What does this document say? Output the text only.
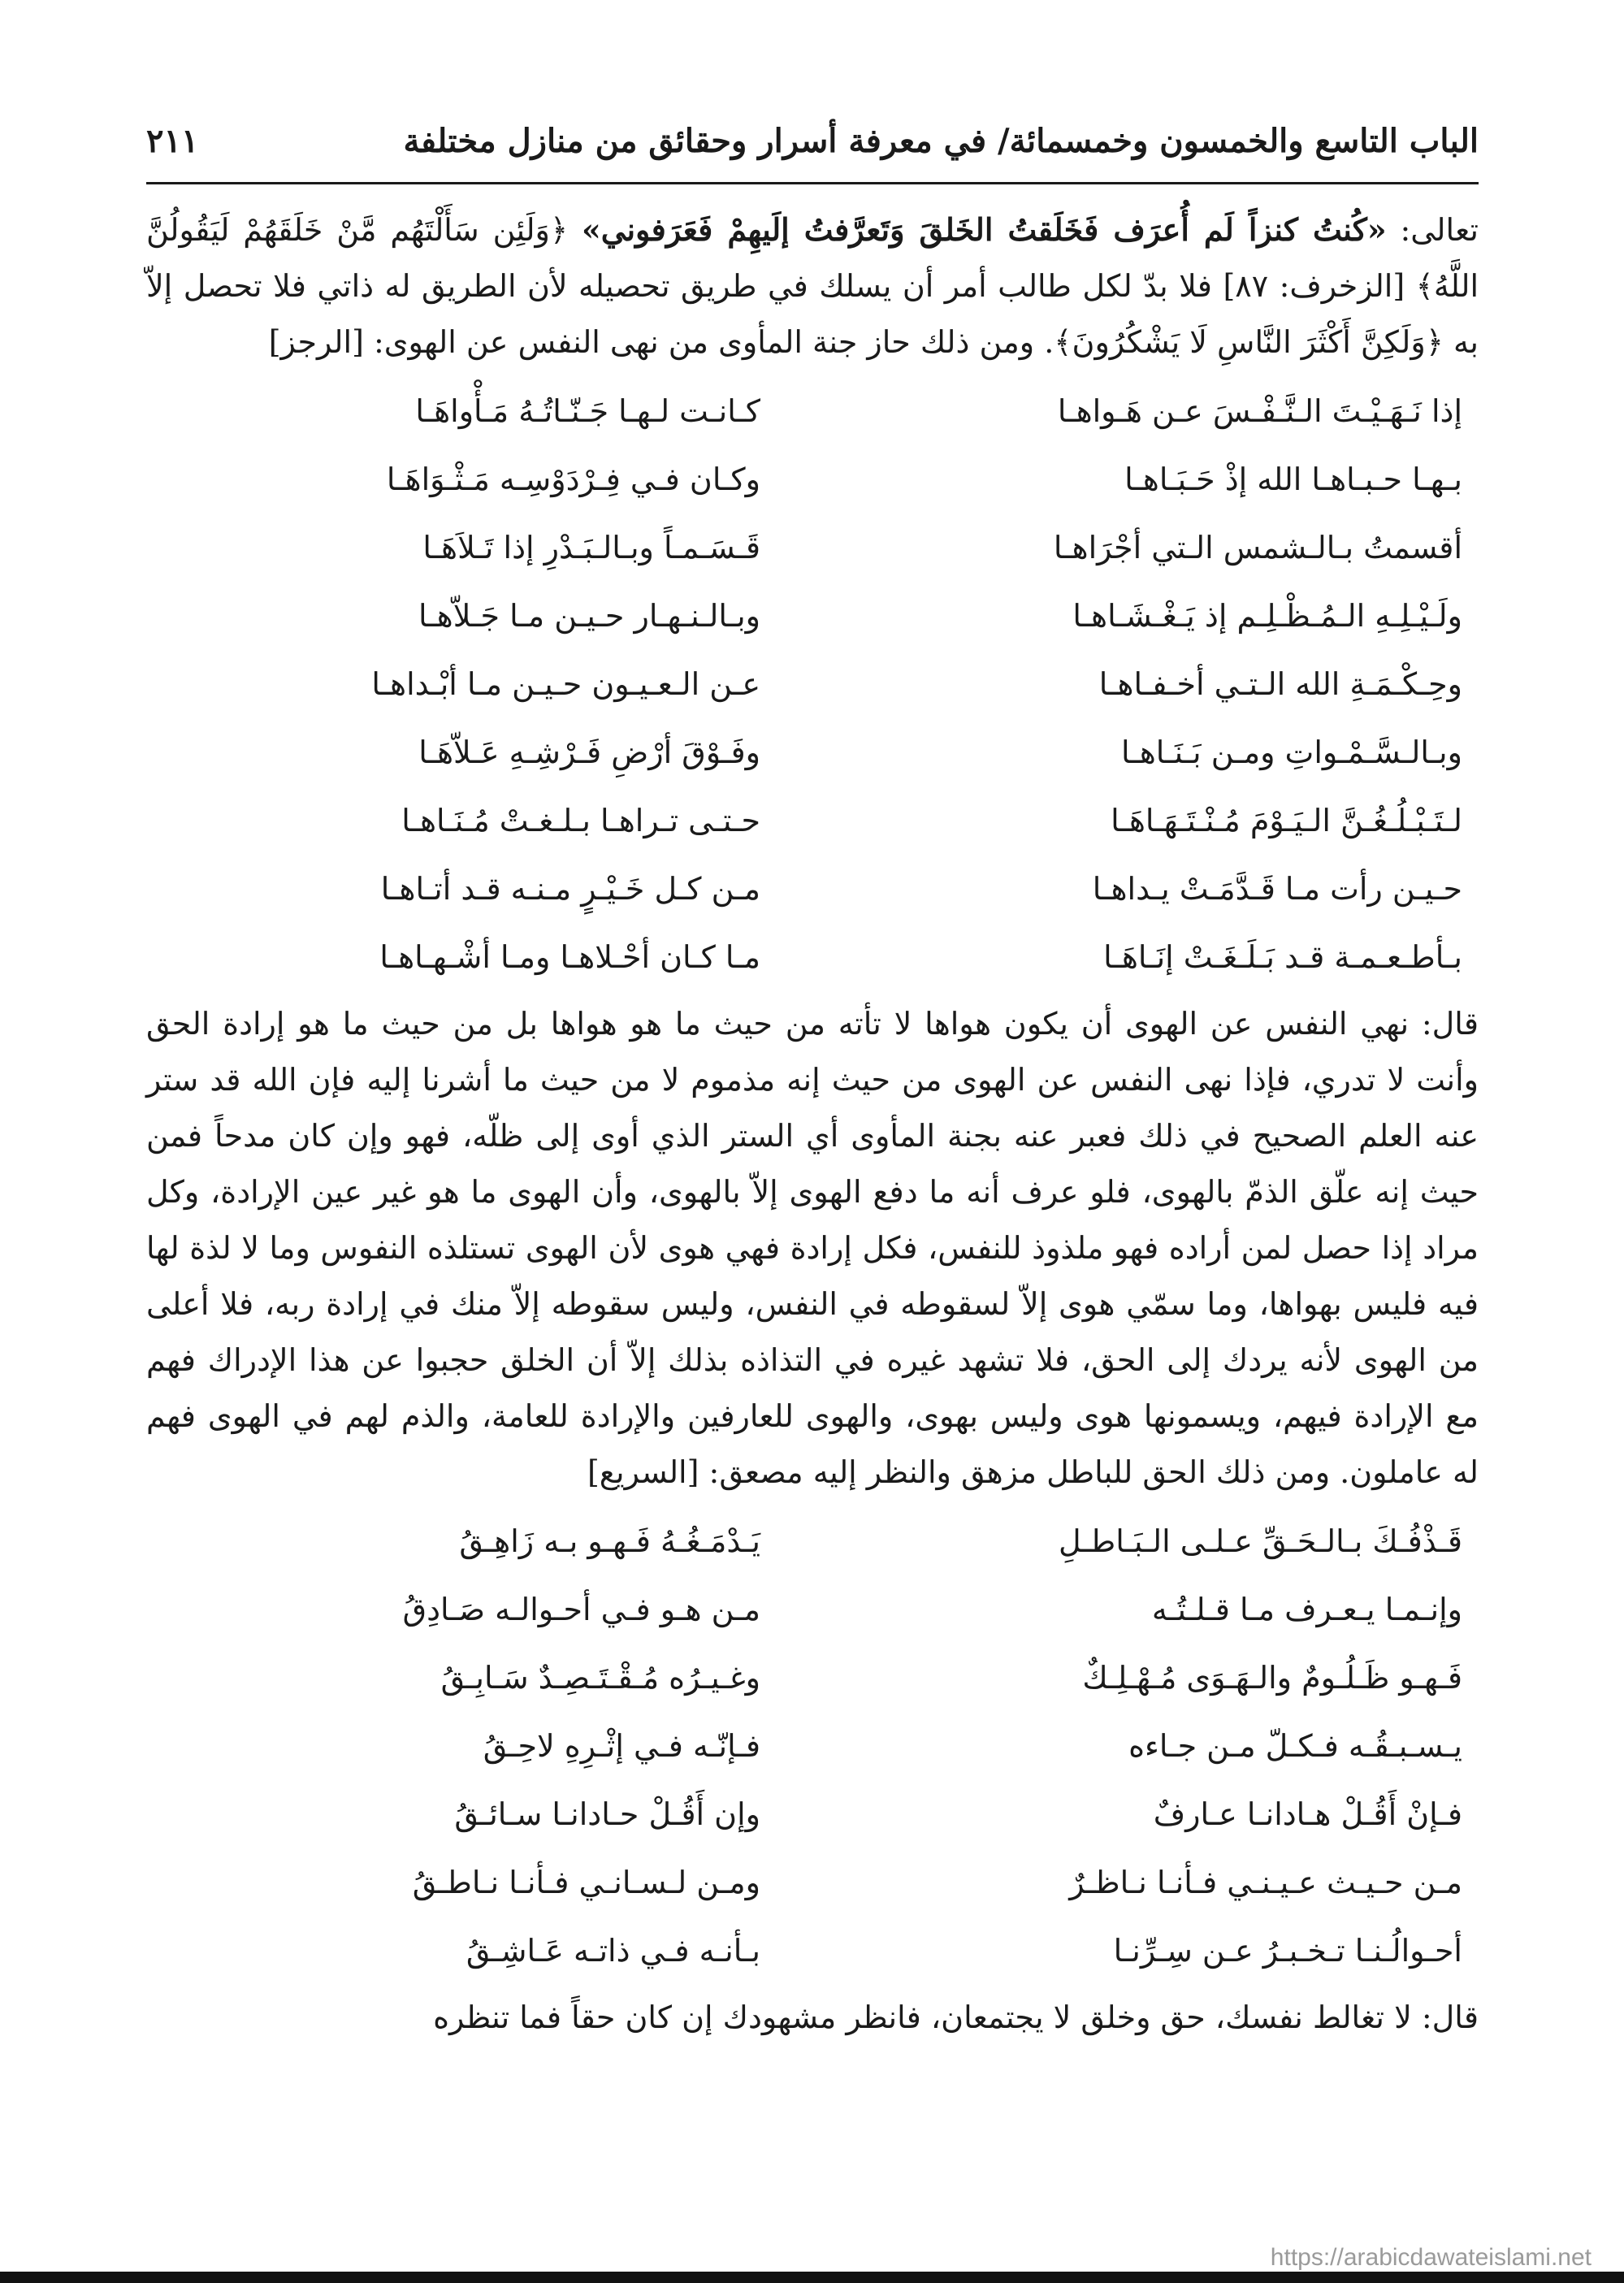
الباب التاسع والخمسون وخمسمائة/ في معرفة أسرار وحقائق من منازل مختلفة
٢١١

تعالى: «كُنتُ كنزاً لَم أُعرَف فَخَلَقتُ الخَلقَ وَتَعرَّفتُ إلَيهِمْ فَعَرَفوني» ﴿وَلَئِن سَأَلْتَهُم مَّنْ خَلَقَهُمْ لَيَقُولُنَّ اللَّهُ﴾ [الزخرف: ٨٧] فلا بدّ لكل طالب أمر أن يسلك في طريق تحصيله لأن الطريق له ذاتي فلا تحصل إلاّ به ﴿وَلَكِنَّ أَكْثَرَ النَّاسِ لَا يَشْكُرُونَ﴾. ومن ذلك حاز جنة المأوى من نهى النفس عن الهوى: [الرجز]

إذا نَـهَـيْـتَ الـنَّـفْـسَ عـن هَـواهـا
كـانـت لـهـا جَـنّـاتُـهُ مَـأْواهَـا
بـهـا حـبـاهـا الله إذْ حَـبَـاهـا
وكـان فـي فِـرْدَوْسِـه مَـثْـوَاهَـا
أقسمتُ بـالـشمس الـتي أجْرَاهـا
قَـسَـمـاً وبـالـبَـدْرِ إذا تَـلاَهَـا
ولَـيْـلِـهِ الـمُـظْـلِـم إذ يَـغْـشَـاهـا
وبـالـنـهـار حـيـن مـا جَـلاّهـا
وحِـكْـمَـةِ الله الـتـي أخـفـاهـا
عـن الـعـيـون حـيـن مـا أبْـداهـا
وبـالـسَّـمْـواتِ ومـن بَـنَـاهـا
وفَـوْقَ أرْضِ فَـرْشِـهِ عَـلاّهَـا
لـتَـبْـلُـغُـنَّ الـيَـوْمَ مُـنْـتَـهَـاهَـا
حـتـى تـراهـا بـلـغـتْ مُـنَـاهـا
حـيـن رأت مـا قَـدَّمَـتْ يـداهـا
مـن كـل خَـيْـرٍ مـنـه قـد أتـاهـا
بـأطـعـمـة قـد بَـلَـغَـتْ إنَـاهَـا
مـا كـان أحْـلاهـا ومـا أشْـهـاهـا

قال: نهي النفس عن الهوى أن يكون هواها لا تأته من حيث ما هو هواها بل من حيث ما هو إرادة الحق وأنت لا تدري، فإذا نهى النفس عن الهوى من حيث إنه مذموم لا من حيث ما أشرنا إليه فإن الله قد ستر عنه العلم الصحيح في ذلك فعبر عنه بجنة المأوى أي الستر الذي أوى إلى ظلّه، فهو وإن كان مدحاً فمن حيث إنه علّق الذمّ بالهوى، فلو عرف أنه ما دفع الهوى إلاّ بالهوى، وأن الهوى ما هو غير عين الإرادة، وكل مراد إذا حصل لمن أراده فهو ملذوذ للنفس، فكل إرادة فهي هوى لأن الهوى تستلذه النفوس وما لا لذة لها فيه فليس بهواها، وما سمّي هوى إلاّ لسقوطه في النفس، وليس سقوطه إلاّ منك في إرادة ربه، فلا أعلى من الهوى لأنه يردك إلى الحق، فلا تشهد غيره في التذاذه بذلك إلاّ أن الخلق حجبوا عن هذا الإدراك فهم مع الإرادة فيهم، ويسمونها هوى وليس بهوى، والهوى للعارفين والإرادة للعامة، والذم لهم في الهوى فهم له عاملون. ومن ذلك الحق للباطل مزهق والنظر إليه مصعق: [السريع]

قَـذْفُـكَ بـالـحَـقِّ عـلـى الـبَـاطـلِ
يَـدْمَـغُـهُ فَـهـو بـه زَاهِـقُ
وإنـمـا يـعـرف مـا قـلـتُـه
مـن هـو فـي أحـوالـه صَـادِقُ
فَـهـو ظَـلُـومٌ والـهَـوَى مُـهْـلِـكٌ
وغـيـرُه مُـقْـتَـصِـدٌ سَـابِـقُ
يـسـبـقُـه فـكـلّ مـن جـاءه
فـإنّـه فـي إثْـرِهِ لاحِـقُ
فـإنْ أَقُـلْ هـادانـا عـارفٌ
وإن أَقُـلْ حـادانـا سـائـقُ
مـن حـيـث عـيـنـي فـأنـا نـاظـرٌ
ومـن لـسـانـي فـأنـا نـاطـقُ
أحـوالُـنـا تـخـبـرُ عـن سِـرِّنـا
بـأنـه فـي ذاتـه عَـاشِـقُ

قال: لا تغالط نفسك، حق وخلق لا يجتمعان، فانظر مشهودك إن كان حقاً فما تنظره

https://arabicdawateislami.net
